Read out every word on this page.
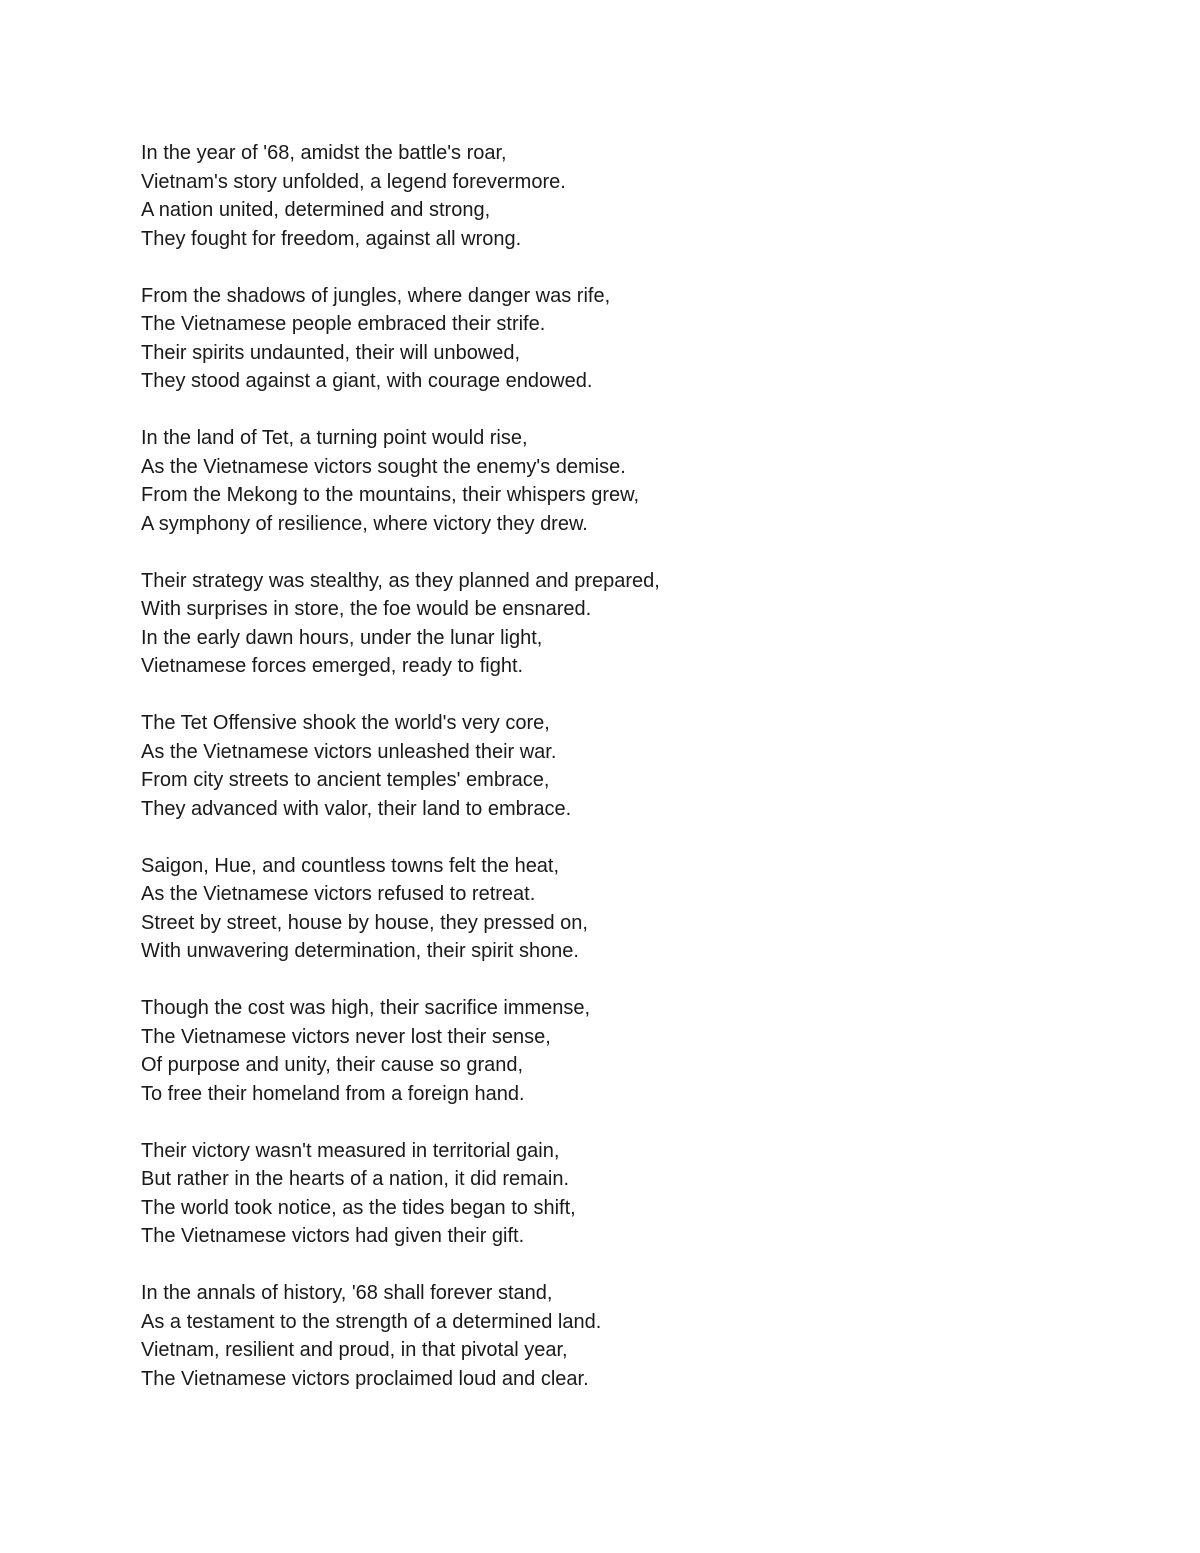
In the year of '68, amidst the battle's roar,
Vietnam's story unfolded, a legend forevermore.
A nation united, determined and strong,
They fought for freedom, against all wrong.
From the shadows of jungles, where danger was rife,
The Vietnamese people embraced their strife.
Their spirits undaunted, their will unbowed,
They stood against a giant, with courage endowed.
In the land of Tet, a turning point would rise,
As the Vietnamese victors sought the enemy's demise.
From the Mekong to the mountains, their whispers grew,
A symphony of resilience, where victory they drew.
Their strategy was stealthy, as they planned and prepared,
With surprises in store, the foe would be ensnared.
In the early dawn hours, under the lunar light,
Vietnamese forces emerged, ready to fight.
The Tet Offensive shook the world's very core,
As the Vietnamese victors unleashed their war.
From city streets to ancient temples' embrace,
They advanced with valor, their land to embrace.
Saigon, Hue, and countless towns felt the heat,
As the Vietnamese victors refused to retreat.
Street by street, house by house, they pressed on,
With unwavering determination, their spirit shone.
Though the cost was high, their sacrifice immense,
The Vietnamese victors never lost their sense,
Of purpose and unity, their cause so grand,
To free their homeland from a foreign hand.
Their victory wasn't measured in territorial gain,
But rather in the hearts of a nation, it did remain.
The world took notice, as the tides began to shift,
The Vietnamese victors had given their gift.
In the annals of history, '68 shall forever stand,
As a testament to the strength of a determined land.
Vietnam, resilient and proud, in that pivotal year,
The Vietnamese victors proclaimed loud and clear.
